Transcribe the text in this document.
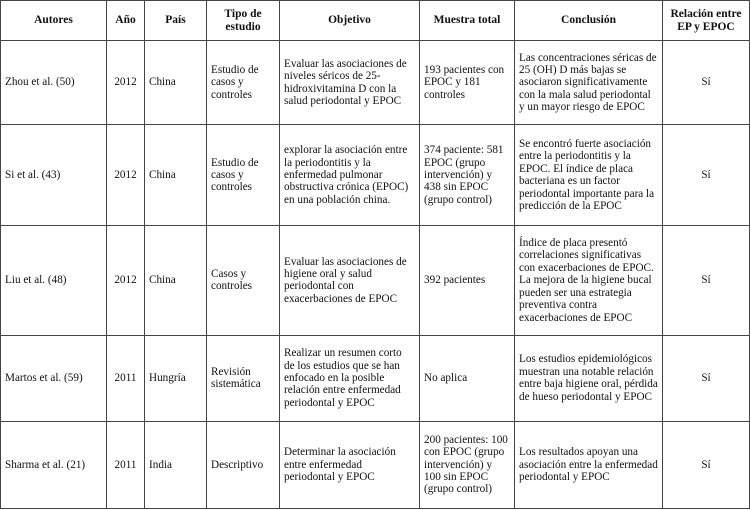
Autores	Año	País	Tipo de estudio	Objetivo	Muestra total	Conclusión	Relación entre EP y EPOC
Zhou et al. (50)	2012	China	Estudio de casos y controles	Evaluar las asociaciones de niveles séricos de 25-hidroxivitamina D con la salud periodontal y EPOC	193 pacientes con EPOC y 181 controles	Las concentraciones séricas de 25 (OH) D más bajas se asociaron significativamente con la mala salud periodontal y un mayor riesgo de EPOC	Sí
Si et al. (43)	2012	China	Estudio de casos y controles	explorar la asociación entre la periodontitis y la enfermedad pulmonar obstructiva crónica (EPOC) en una población china.	374 paciente: 581 EPOC (grupo intervención) y 438 sin EPOC (grupo control)	Se encontró fuerte asociación entre la periodontitis y la EPOC. El índice de placa bacteriana es un factor periodontal importante para la predicción de la EPOC	Sí
Liu et al. (48)	2012	China	Casos y controles	Evaluar las asociaciones de higiene oral y salud periodontal con exacerbaciones de EPOC	392 pacientes	Índice de placa presentó correlaciones significativas con exacerbaciones de EPOC. La mejora de la higiene bucal pueden ser una estrategia preventiva contra exacerbaciones de EPOC	Sí
Martos et al. (59)	2011	Hungría	Revisión sistemática	Realizar un resumen corto de los estudios que se han enfocado en la posible relación entre enfermedad periodontal y EPOC	No aplica	Los estudios epidemiológicos muestran una notable relación entre baja higiene oral, pérdida de hueso periodontal y EPOC	Sí
Sharma et al. (21)	2011	India	Descriptivo	Determinar la asociación entre enfermedad periodontal y EPOC	200 pacientes: 100 con EPOC (grupo intervención) y 100 sin EPOC (grupo control)	Los resultados apoyan una asociación entre la enfermedad periodontal y EPOC	Sí
